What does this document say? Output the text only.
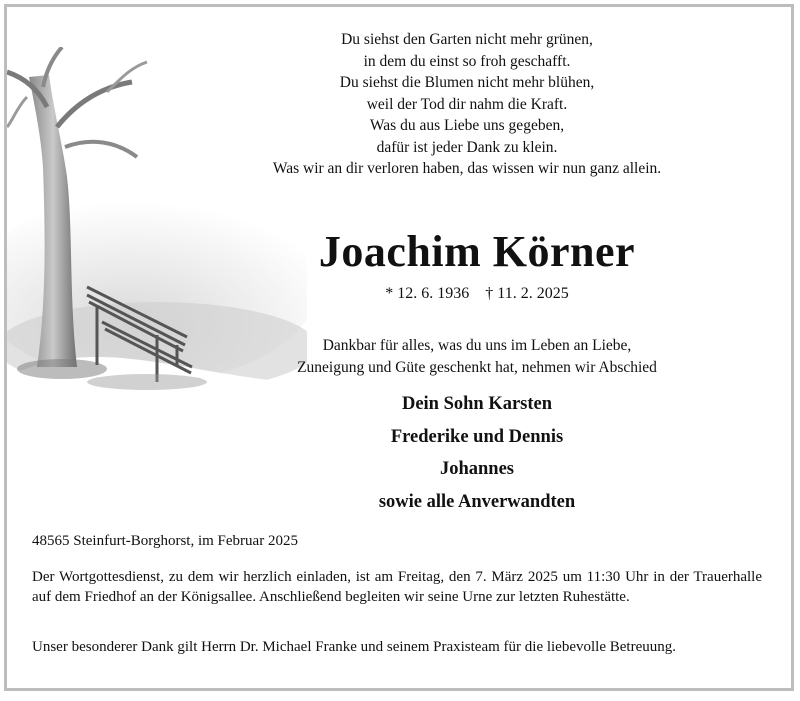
Du siehst den Garten nicht mehr grünen,
in dem du einst so froh geschafft.
Du siehst die Blumen nicht mehr blühen,
weil der Tod dir nahm die Kraft.
Was du aus Liebe uns gegeben,
dafür ist jeder Dank zu klein.
Was wir an dir verloren haben, das wissen wir nun ganz allein.
Joachim Körner
* 12. 6. 1936 † 11. 2. 2025
Dankbar für alles, was du uns im Leben an Liebe,
Zuneigung und Güte geschenkt hat, nehmen wir Abschied
Dein Sohn Karsten
Frederike und Dennis
Johannes
sowie alle Anverwandten
48565 Steinfurt-Borghorst, im Februar 2025
Der Wortgottesdienst, zu dem wir herzlich einladen, ist am Freitag, den 7. März 2025 um 11:30 Uhr in der Trauerhalle auf dem Friedhof an der Königsallee. Anschließend begleiten wir seine Urne zur letzten Ruhestätte.
Unser besonderer Dank gilt Herrn Dr. Michael Franke und seinem Praxisteam für die liebevolle Betreuung.
